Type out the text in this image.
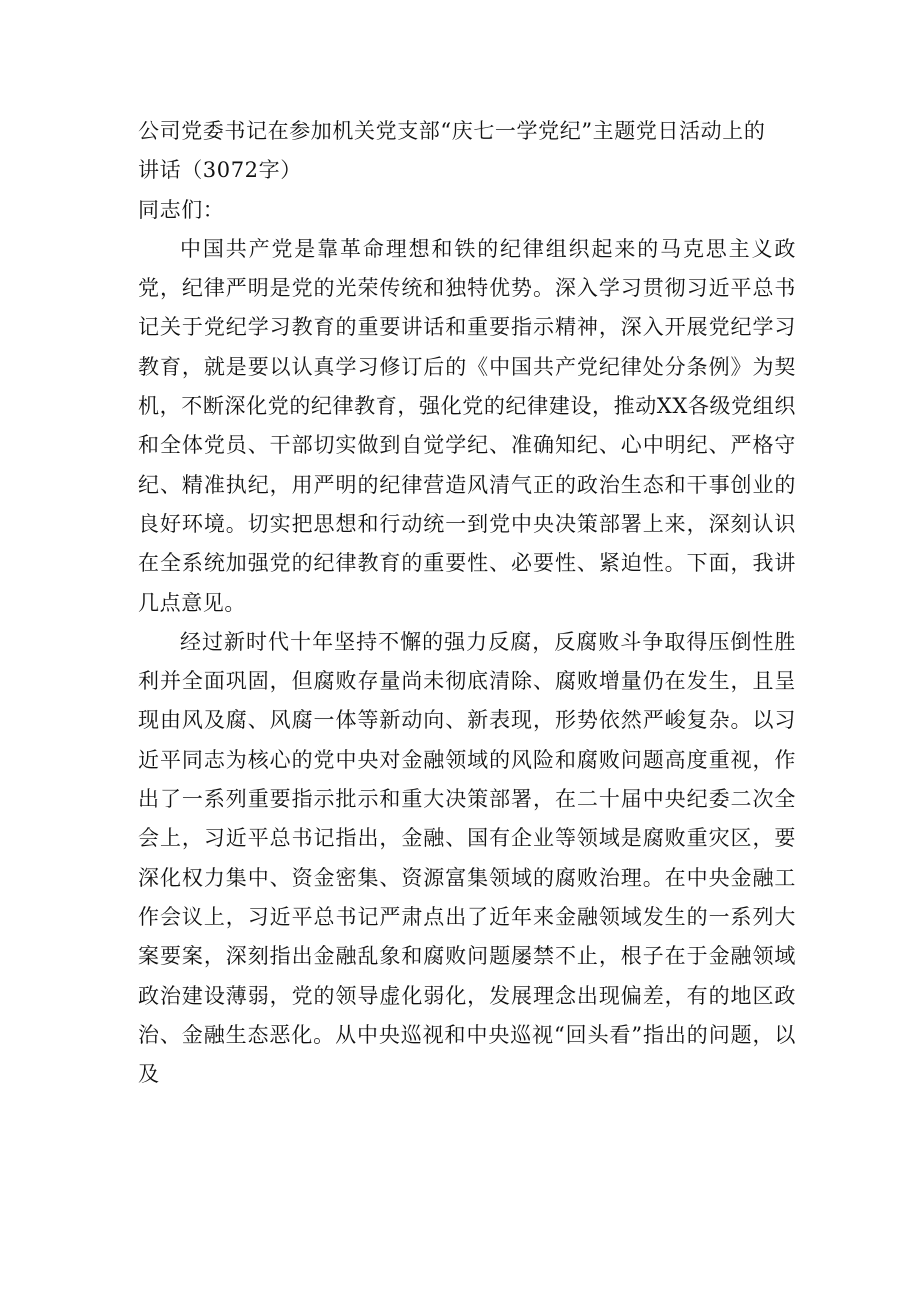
公司党委书记在参加机关党支部“庆七一学党纪”主题党日活动上的
讲话（3072字）
同志们：

中国共产党是靠革命理想和铁的纪律组织起来的马克思主义政党，纪律严明是党的光荣传统和独特优势。深入学习贯彻习近平总书记关于党纪学习教育的重要讲话和重要指示精神，深入开展党纪学习教育，就是要以认真学习修订后的《中国共产党纪律处分条例》为契机，不断深化党的纪律教育，强化党的纪律建设，推动XX各级党组织和全体党员、干部切实做到自觉学纪、准确知纪、心中明纪、严格守纪、精准执纪，用严明的纪律营造风清气正的政治生态和干事创业的良好环境。切实把思想和行动统一到党中央决策部署上来，深刻认识在全系统加强党的纪律教育的重要性、必要性、紧迫性。下面，我讲几点意见。

经过新时代十年坚持不懈的强力反腐，反腐败斗争取得压倒性胜利并全面巩固，但腐败存量尚未彻底清除、腐败增量仍在发生，且呈现由风及腐、风腐一体等新动向、新表现，形势依然严峻复杂。以习近平同志为核心的党中央对金融领域的风险和腐败问题高度重视，作出了一系列重要指示批示和重大决策部署，在二十届中央纪委二次全会上，习近平总书记指出，金融、国有企业等领域是腐败重灾区，要深化权力集中、资金密集、资源富集领域的腐败治理。在中央金融工作会议上，习近平总书记严肃点出了近年来金融领域发生的一系列大案要案，深刻指出金融乱象和腐败问题屡禁不止，根子在于金融领域政治建设薄弱，党的领导虚化弱化，发展理念出现偏差，有的地区政治、金融生态恶化。从中央巡视和中央巡视“回头看”指出的问题，以及
